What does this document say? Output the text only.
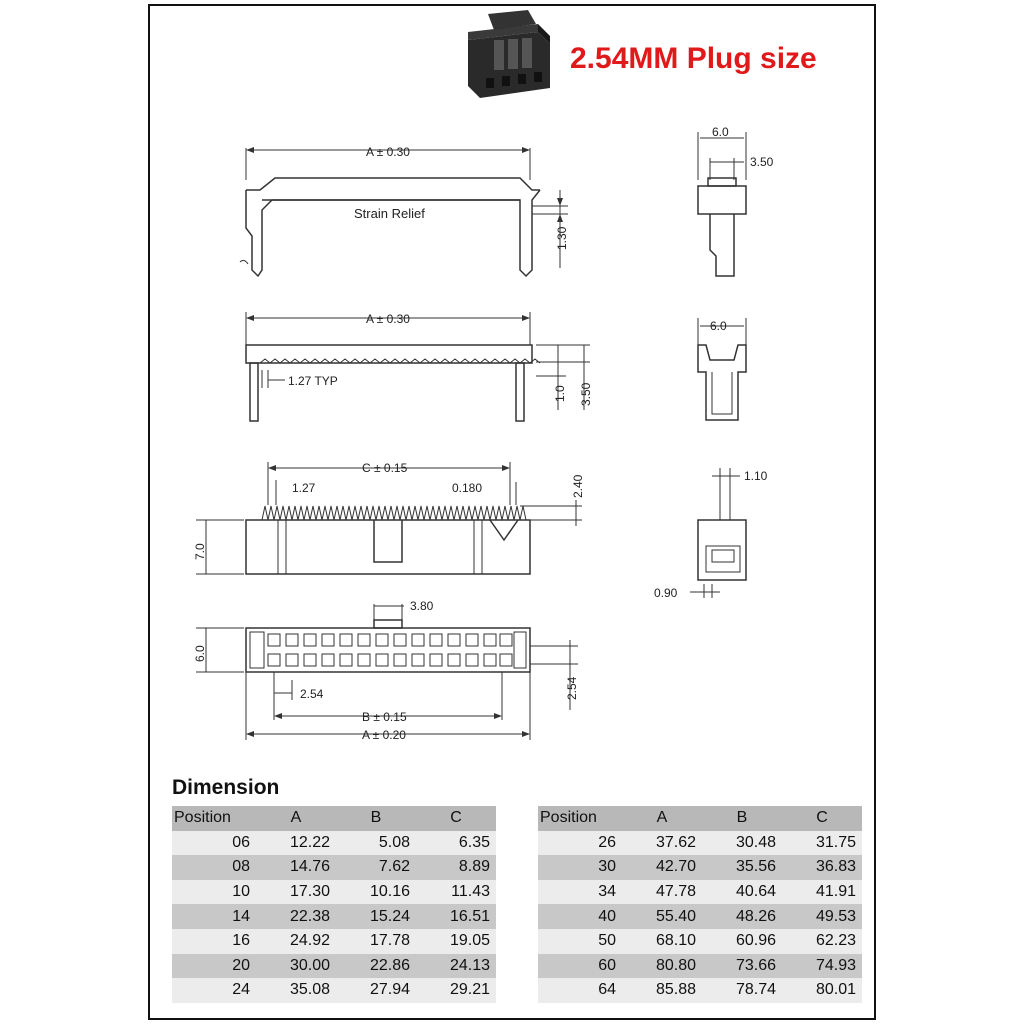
2.54MM Plug size
A ± 0.30
Strain Relief
1.30
A ± 0.30
1.27 TYP
1.0 3.50
C ± 0.15
1.27	0.180	2.40
7.0
3.80
6.0
2.54
B ± 0.15
A ± 0.20
2.54
6.0
3.50
6.0
1.10
0.90
Dimension
Position	A	B	C
06	12.22	5.08	6.35
08	14.76	7.62	8.89
10	17.30	10.16	11.43
14	22.38	15.24	16.51
16	24.92	17.78	19.05
20	30.00	22.86	24.13
24	35.08	27.94	29.21
Position	A	B	C
26	37.62	30.48	31.75
30	42.70	35.56	36.83
34	47.78	40.64	41.91
40	55.40	48.26	49.53
50	68.10	60.96	62.23
60	80.80	73.66	74.93
64	85.88	78.74	80.01
